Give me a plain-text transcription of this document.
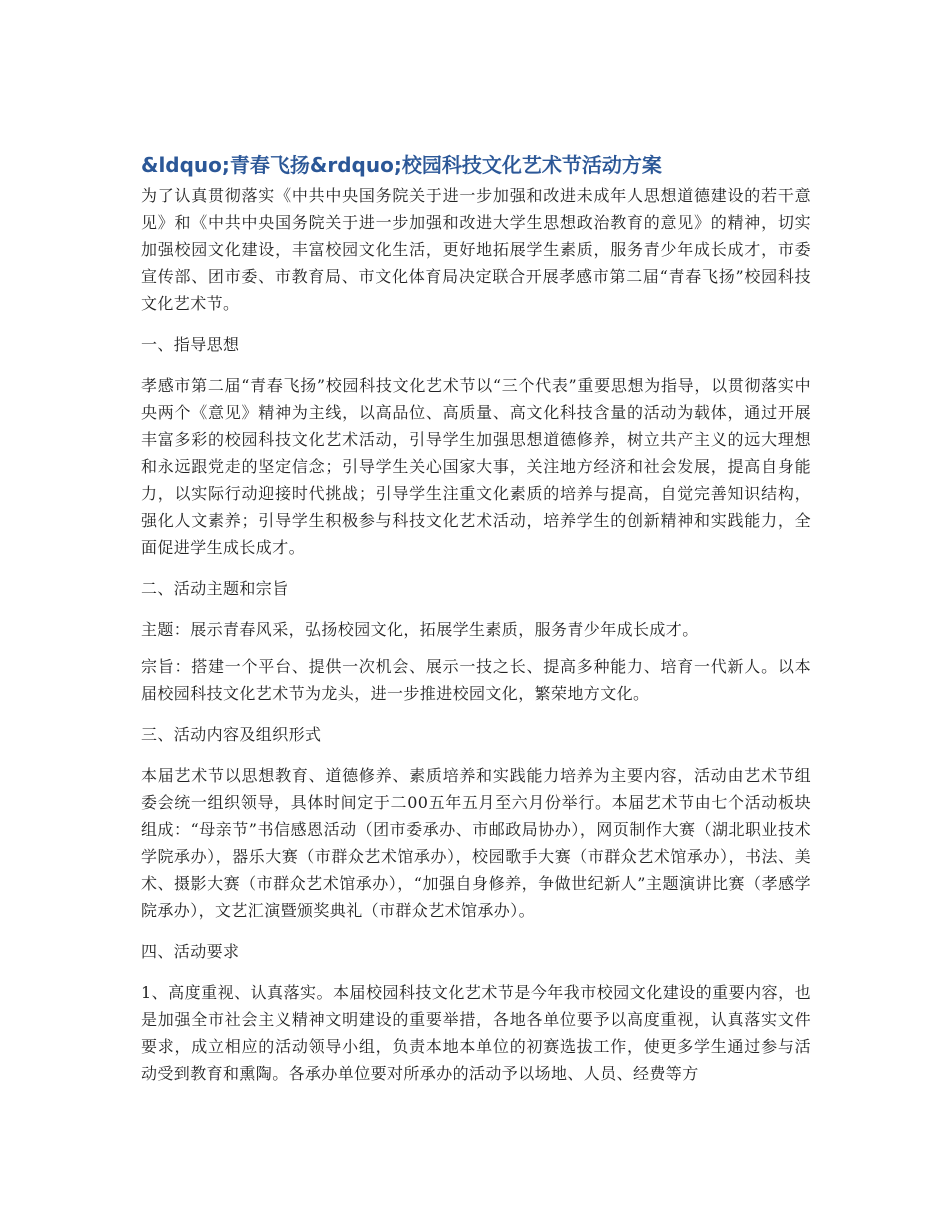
&ldquo;青春飞扬&rdquo;校园科技文化艺术节活动方案

为了认真贯彻落实《中共中央国务院关于进一步加强和改进未成年人思想道德建设的若干意见》和《中共中央国务院关于进一步加强和改进大学生思想政治教育的意见》的精神，切实加强校园文化建设，丰富校园文化生活，更好地拓展学生素质，服务青少年成长成才，市委宣传部、团市委、市教育局、市文化体育局决定联合开展孝感市第二届“青春飞扬”校园科技文化艺术节。

一、指导思想

孝感市第二届“青春飞扬”校园科技文化艺术节以“三个代表”重要思想为指导，以贯彻落实中央两个《意见》精神为主线，以高品位、高质量、高文化科技含量的活动为载体，通过开展丰富多彩的校园科技文化艺术活动，引导学生加强思想道德修养，树立共产主义的远大理想和永远跟党走的坚定信念；引导学生关心国家大事，关注地方经济和社会发展，提高自身能力，以实际行动迎接时代挑战；引导学生注重文化素质的培养与提高，自觉完善知识结构，强化人文素养；引导学生积极参与科技文化艺术活动，培养学生的创新精神和实践能力，全面促进学生成长成才。

二、活动主题和宗旨

主题：展示青春风采，弘扬校园文化，拓展学生素质，服务青少年成长成才。

宗旨：搭建一个平台、提供一次机会、展示一技之长、提高多种能力、培育一代新人。以本届校园科技文化艺术节为龙头，进一步推进校园文化，繁荣地方文化。

三、活动内容及组织形式

本届艺术节以思想教育、道德修养、素质培养和实践能力培养为主要内容，活动由艺术节组委会统一组织领导，具体时间定于二00五年五月至六月份举行。本届艺术节由七个活动板块组成：“母亲节”书信感恩活动（团市委承办、市邮政局协办），网页制作大赛（湖北职业技术学院承办），器乐大赛（市群众艺术馆承办），校园歌手大赛（市群众艺术馆承办），书法、美术、摄影大赛（市群众艺术馆承办），“加强自身修养，争做世纪新人”主题演讲比赛（孝感学院承办），文艺汇演暨颁奖典礼（市群众艺术馆承办）。

四、活动要求

1、高度重视、认真落实。本届校园科技文化艺术节是今年我市校园文化建设的重要内容，也是加强全市社会主义精神文明建设的重要举措，各地各单位要予以高度重视，认真落实文件要求，成立相应的活动领导小组，负责本地本单位的初赛选拔工作，使更多学生通过参与活动受到教育和熏陶。各承办单位要对所承办的活动予以场地、人员、经费等方
